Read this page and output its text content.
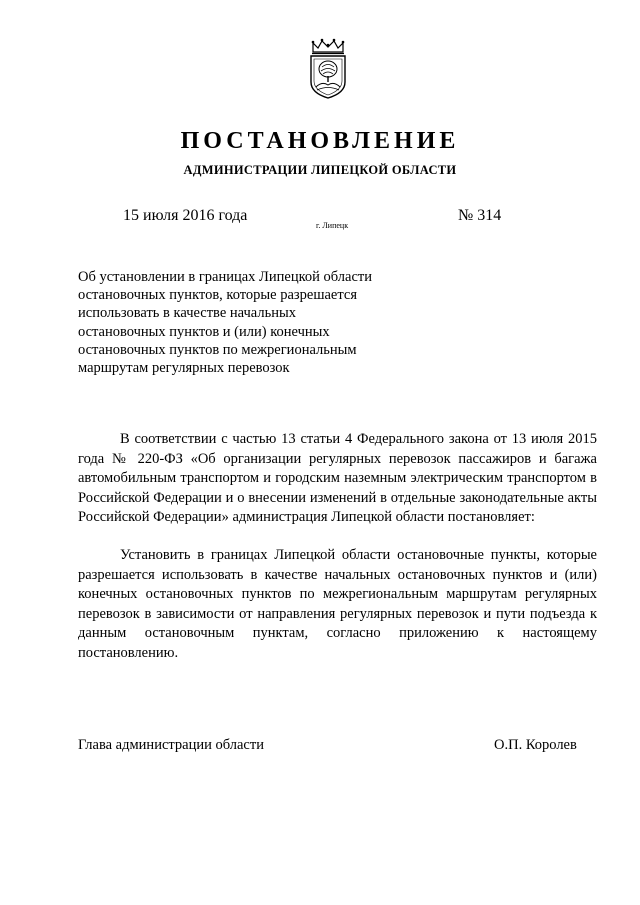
ПОСТАНОВЛЕНИЕ
АДМИНИСТРАЦИИ ЛИПЕЦКОЙ ОБЛАСТИ
15 июля 2016 года
г. Липецк
№ 314
Об установлении в границах Липецкой области
остановочных пунктов, которые разрешается
использовать в качестве начальных
остановочных пунктов и (или) конечных
остановочных пунктов по межрегиональным
маршрутам регулярных перевозок
В соответствии с частью 13 статьи 4 Федерального закона от 13 июля 2015 года № 220-ФЗ «Об организации регулярных перевозок пассажиров и багажа автомобильным транспортом и городским наземным электрическим транспортом в Российской Федерации и о внесении изменений в отдельные законодательные акты Российской Федерации» администрация Липецкой области постановляет:
Установить в границах Липецкой области остановочные пункты, которые разрешается использовать в качестве начальных остановочных пунктов и (или) конечных остановочных пунктов по межрегиональным маршрутам регулярных перевозок в зависимости от направления регулярных перевозок и пути подъезда к данным остановочным пунктам, согласно приложению к настоящему постановлению.
Глава администрации области	О.П. Королев
